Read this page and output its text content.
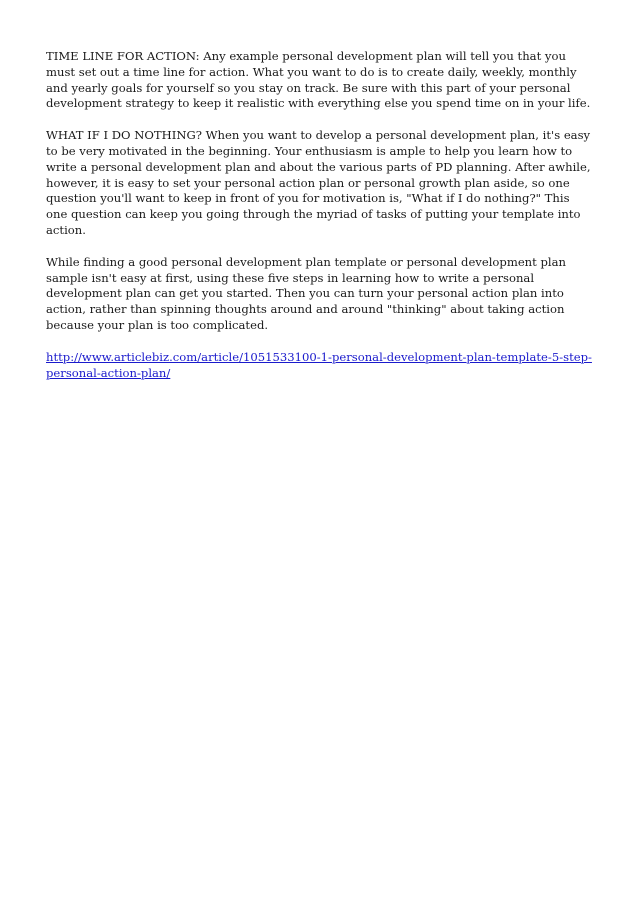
TIME LINE FOR ACTION: Any example personal development plan will tell you that you must set out a time line for action. What you want to do is to create daily, weekly, monthly and yearly goals for yourself so you stay on track. Be sure with this part of your personal development strategy to keep it realistic with everything else you spend time on in your life.

WHAT IF I DO NOTHING? When you want to develop a personal development plan, it's easy to be very motivated in the beginning. Your enthusiasm is ample to help you learn how to write a personal development plan and about the various parts of PD planning. After awhile, however, it is easy to set your personal action plan or personal growth plan aside, so one question you'll want to keep in front of you for motivation is, "What if I do nothing?" This one question can keep you going through the myriad of tasks of putting your template into action.

While finding a good personal development plan template or personal development plan sample isn't easy at first, using these five steps in learning how to write a personal development plan can get you started. Then you can turn your personal action plan into action, rather than spinning thoughts around and around "thinking" about taking action because your plan is too complicated.

http://www.articlebiz.com/article/1051533100-1-personal-development-plan-template-5-step-personal-action-plan/
